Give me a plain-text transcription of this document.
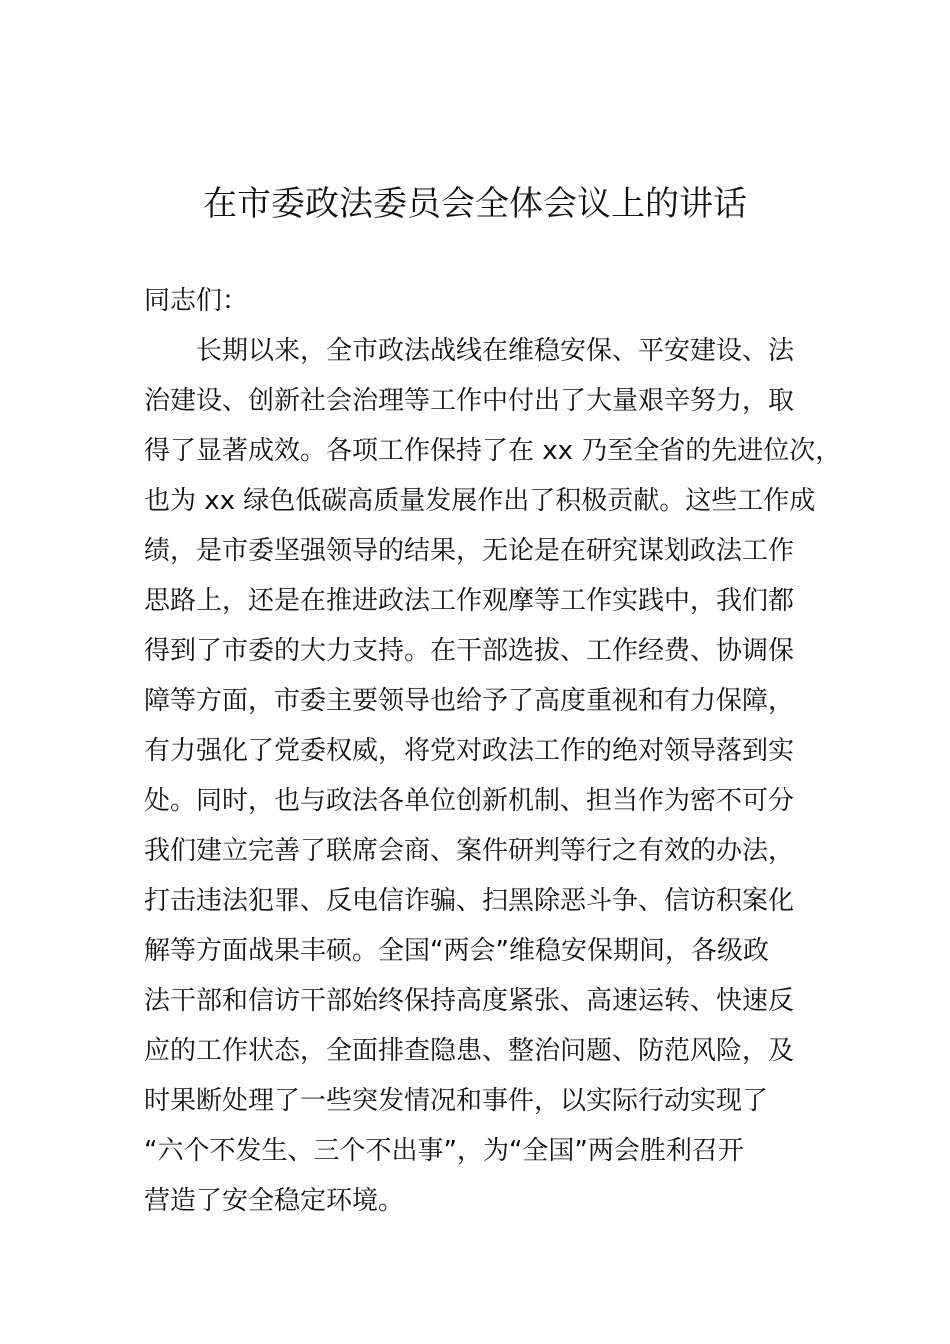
在市委政法委员会全体会议上的讲话
同志们：
长期以来，全市政法战线在维稳安保、平安建设、法
治建设、创新社会治理等工作中付出了大量艰辛努力，取
得了显著成效。各项工作保持了在 xx 乃至全省的先进位次，
也为 xx 绿色低碳高质量发展作出了积极贡献。这些工作成
绩，是市委坚强领导的结果，无论是在研究谋划政法工作
思路上，还是在推进政法工作观摩等工作实践中，我们都
得到了市委的大力支持。在干部选拔、工作经费、协调保
障等方面，市委主要领导也给予了高度重视和有力保障，
有力强化了党委权威，将党对政法工作的绝对领导落到实
处。同时，也与政法各单位创新机制、担当作为密不可分
我们建立完善了联席会商、案件研判等行之有效的办法，
打击违法犯罪、反电信诈骗、扫黑除恶斗争、信访积案化
解等方面战果丰硕。全国“两会”维稳安保期间，各级政
法干部和信访干部始终保持高度紧张、高速运转、快速反
应的工作状态，全面排查隐患、整治问题、防范风险，及
时果断处理了一些突发情况和事件，以实际行动实现了
“六个不发生、三个不出事”，为“全国”两会胜利召开
营造了安全稳定环境。
